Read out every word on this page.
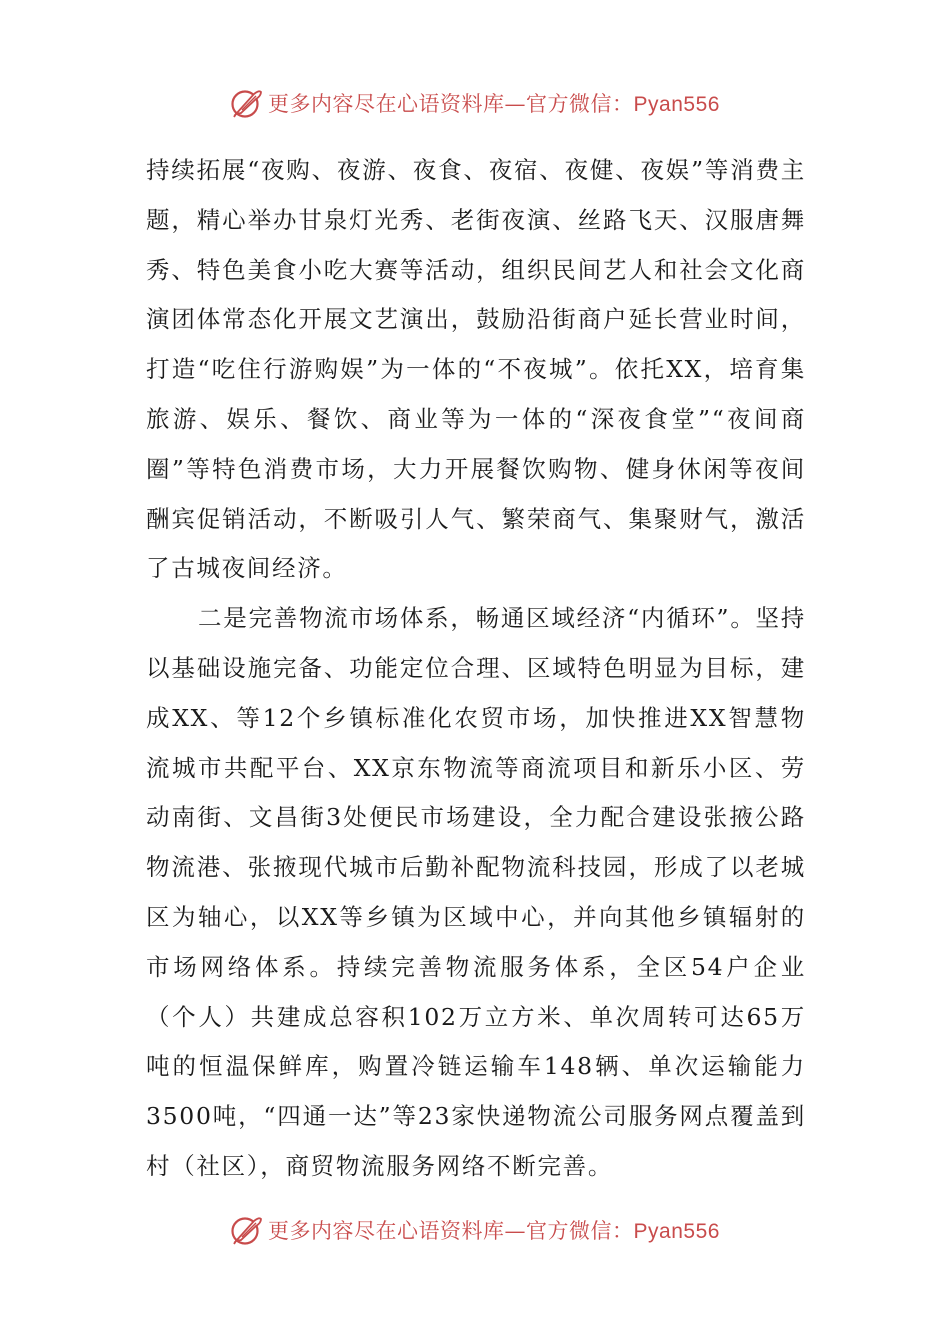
更多内容尽在心语资料库—官方微信：Pyan556

持续拓展“夜购、夜游、夜食、夜宿、夜健、夜娱”等消费主题，精心举办甘泉灯光秀、老街夜演、丝路飞天、汉服唐舞秀、特色美食小吃大赛等活动，组织民间艺人和社会文化商演团体常态化开展文艺演出，鼓励沿街商户延长营业时间，打造“吃住行游购娱”为一体的“不夜城”。依托XX，培育集旅游、娱乐、餐饮、商业等为一体的“深夜食堂”“夜间商圈”等特色消费市场，大力开展餐饮购物、健身休闲等夜间酬宾促销活动，不断吸引人气、繁荣商气、集聚财气，激活了古城夜间经济。

二是完善物流市场体系，畅通区域经济“内循环”。坚持以基础设施完备、功能定位合理、区域特色明显为目标，建成XX、等12个乡镇标准化农贸市场，加快推进XX智慧物流城市共配平台、XX京东物流等商流项目和新乐小区、劳动南街、文昌街3处便民市场建设，全力配合建设张掖公路物流港、张掖现代城市后勤补配物流科技园，形成了以老城区为轴心，以XX等乡镇为区域中心，并向其他乡镇辐射的市场网络体系。持续完善物流服务体系，全区54户企业（个人）共建成总容积102万立方米、单次周转可达65万吨的恒温保鲜库，购置冷链运输车148辆、单次运输能力3500吨，“四通一达”等23家快递物流公司服务网点覆盖到村（社区），商贸物流服务网络不断完善。

更多内容尽在心语资料库—官方微信：Pyan556
